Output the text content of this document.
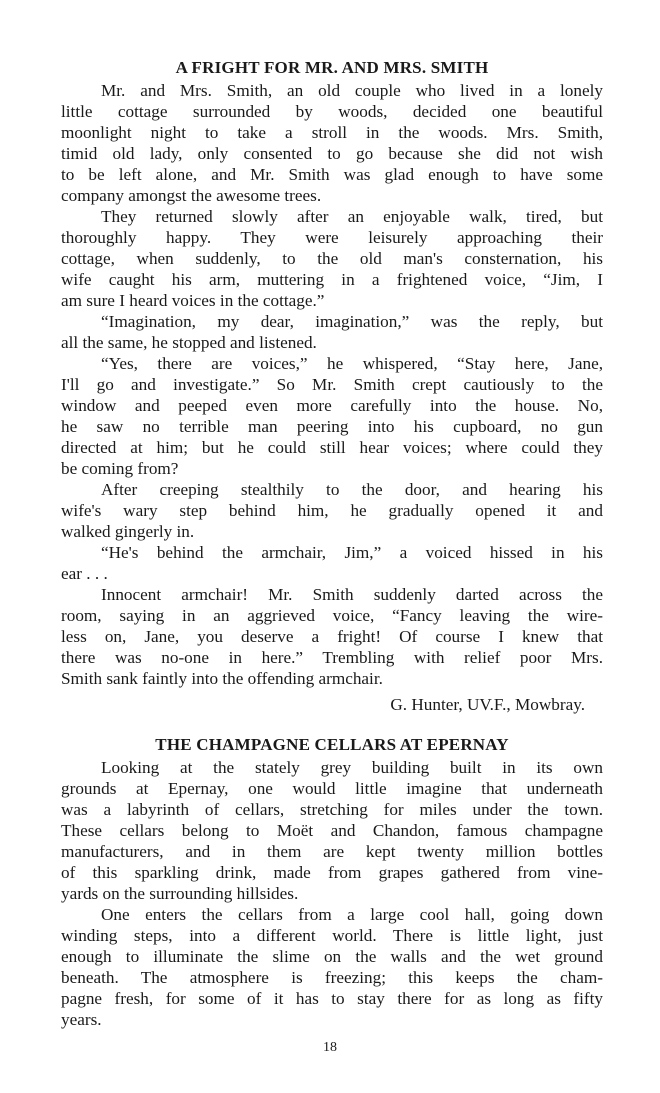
A FRIGHT FOR MR. AND MRS. SMITH
Mr. and Mrs. Smith, an old couple who lived in a lonely
little cottage surrounded by woods, decided one beautiful
moonlight night to take a stroll in the woods. Mrs. Smith,
timid old lady, only consented to go because she did not wish
to be left alone, and Mr. Smith was glad enough to have some
company amongst the awesome trees.
They returned slowly after an enjoyable walk, tired, but
thoroughly happy. They were leisurely approaching their
cottage, when suddenly, to the old man's consternation, his
wife caught his arm, muttering in a frightened voice, “Jim, I
am sure I heard voices in the cottage.”
“Imagination, my dear, imagination,” was the reply, but
all the same, he stopped and listened.
“Yes, there are voices,” he whispered, “Stay here, Jane,
I'll go and investigate.” So Mr. Smith crept cautiously to the
window and peeped even more carefully into the house. No,
he saw no terrible man peering into his cupboard, no gun
directed at him; but he could still hear voices; where could they
be coming from?
After creeping stealthily to the door, and hearing his
wife's wary step behind him, he gradually opened it and
walked gingerly in.
“He's behind the armchair, Jim,” a voiced hissed in his
ear . . .
Innocent armchair! Mr. Smith suddenly darted across the
room, saying in an aggrieved voice, “Fancy leaving the wire-
less on, Jane, you deserve a fright! Of course I knew that
there was no-one in here.” Trembling with relief poor Mrs.
Smith sank faintly into the offending armchair.
G. Hunter, UV.F., Mowbray.
THE CHAMPAGNE CELLARS AT EPERNAY
Looking at the stately grey building built in its own
grounds at Epernay, one would little imagine that underneath
was a labyrinth of cellars, stretching for miles under the town.
These cellars belong to Moët and Chandon, famous champagne
manufacturers, and in them are kept twenty million bottles
of this sparkling drink, made from grapes gathered from vine-
yards on the surrounding hillsides.
One enters the cellars from a large cool hall, going down
winding steps, into a different world. There is little light, just
enough to illuminate the slime on the walls and the wet ground
beneath. The atmosphere is freezing; this keeps the cham-
pagne fresh, for some of it has to stay there for as long as fifty
years.
18
